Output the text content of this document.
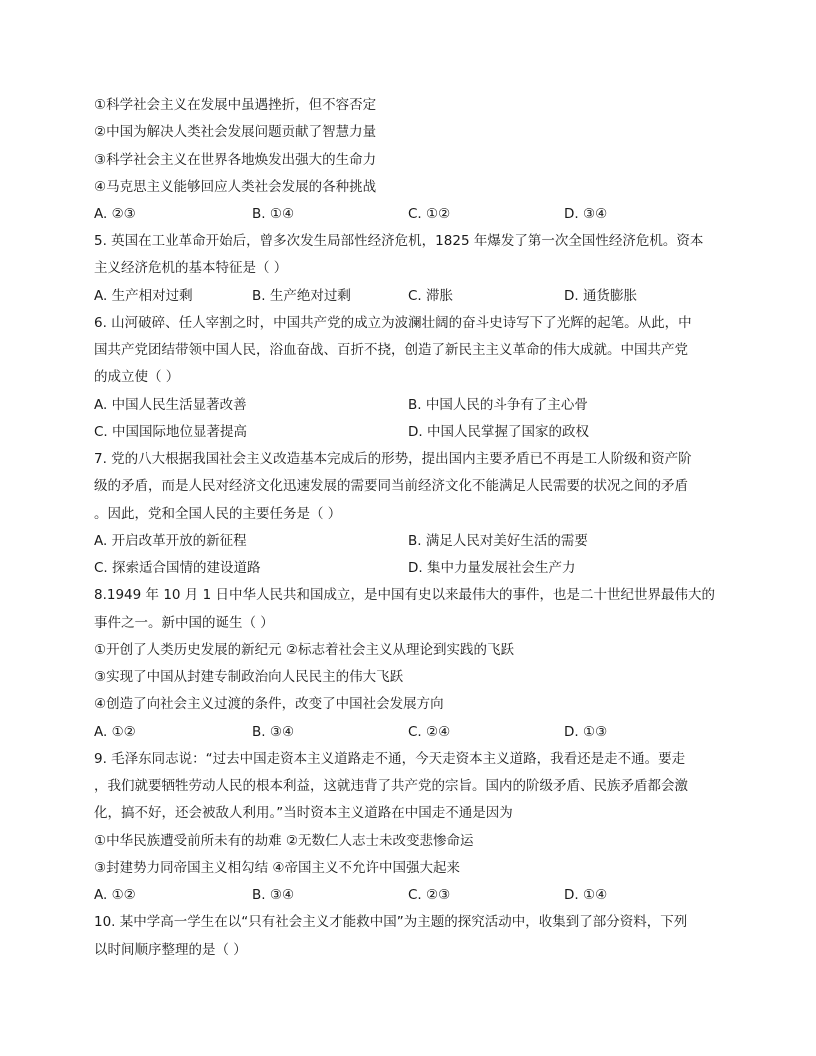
①科学社会主义在发展中虽遇挫折，但不容否定
②中国为解决人类社会发展问题贡献了智慧力量
③科学社会主义在世界各地焕发出强大的生命力
④马克思主义能够回应人类社会发展的各种挑战
A. ②③	B. ①④	C. ①②	D. ③④
5. 英国在工业革命开始后，曾多次发生局部性经济危机，1825 年爆发了第一次全国性经济危机。资本
主义经济危机的基本特征是（ ）
A. 生产相对过剩	B. 生产绝对过剩	C. 滞胀	D. 通货膨胀
6. 山河破碎、任人宰割之时，中国共产党的成立为波澜壮阔的奋斗史诗写下了光辉的起笔。从此，中
国共产党团结带领中国人民，浴血奋战、百折不挠，创造了新民主主义革命的伟大成就。中国共产党
的成立使（ ）
A. 中国人民生活显著改善	B. 中国人民的斗争有了主心骨
C. 中国国际地位显著提高	D. 中国人民掌握了国家的政权
7. 党的八大根据我国社会主义改造基本完成后的形势，提出国内主要矛盾已不再是工人阶级和资产阶
级的矛盾，而是人民对经济文化迅速发展的需要同当前经济文化不能满足人民需要的状况之间的矛盾
。因此，党和全国人民的主要任务是（ ）
A. 开启改革开放的新征程	B. 满足人民对美好生活的需要
C. 探索适合国情的建设道路	D. 集中力量发展社会生产力
8.1949 年 10 月 1 日中华人民共和国成立，是中国有史以来最伟大的事件，也是二十世纪世界最伟大的
事件之一。新中国的诞生（ ）
①开创了人类历史发展的新纪元 ②标志着社会主义从理论到实践的飞跃
③实现了中国从封建专制政治向人民民主的伟大飞跃
④创造了向社会主义过渡的条件，改变了中国社会发展方向
A. ①②	B. ③④	C. ②④	D. ①③
9. 毛泽东同志说：“过去中国走资本主义道路走不通，今天走资本主义道路，我看还是走不通。要走
，我们就要牺牲劳动人民的根本利益，这就违背了共产党的宗旨。国内的阶级矛盾、民族矛盾都会激
化，搞不好，还会被敌人利用。”当时资本主义道路在中国走不通是因为
①中华民族遭受前所未有的劫难 ②无数仁人志士未改变悲惨命运
③封建势力同帝国主义相勾结 ④帝国主义不允许中国强大起来
A. ①②	B. ③④	C. ②③	D. ①④
10. 某中学高一学生在以“只有社会主义才能救中国”为主题的探究活动中，收集到了部分资料，下列
以时间顺序整理的是（ ）
